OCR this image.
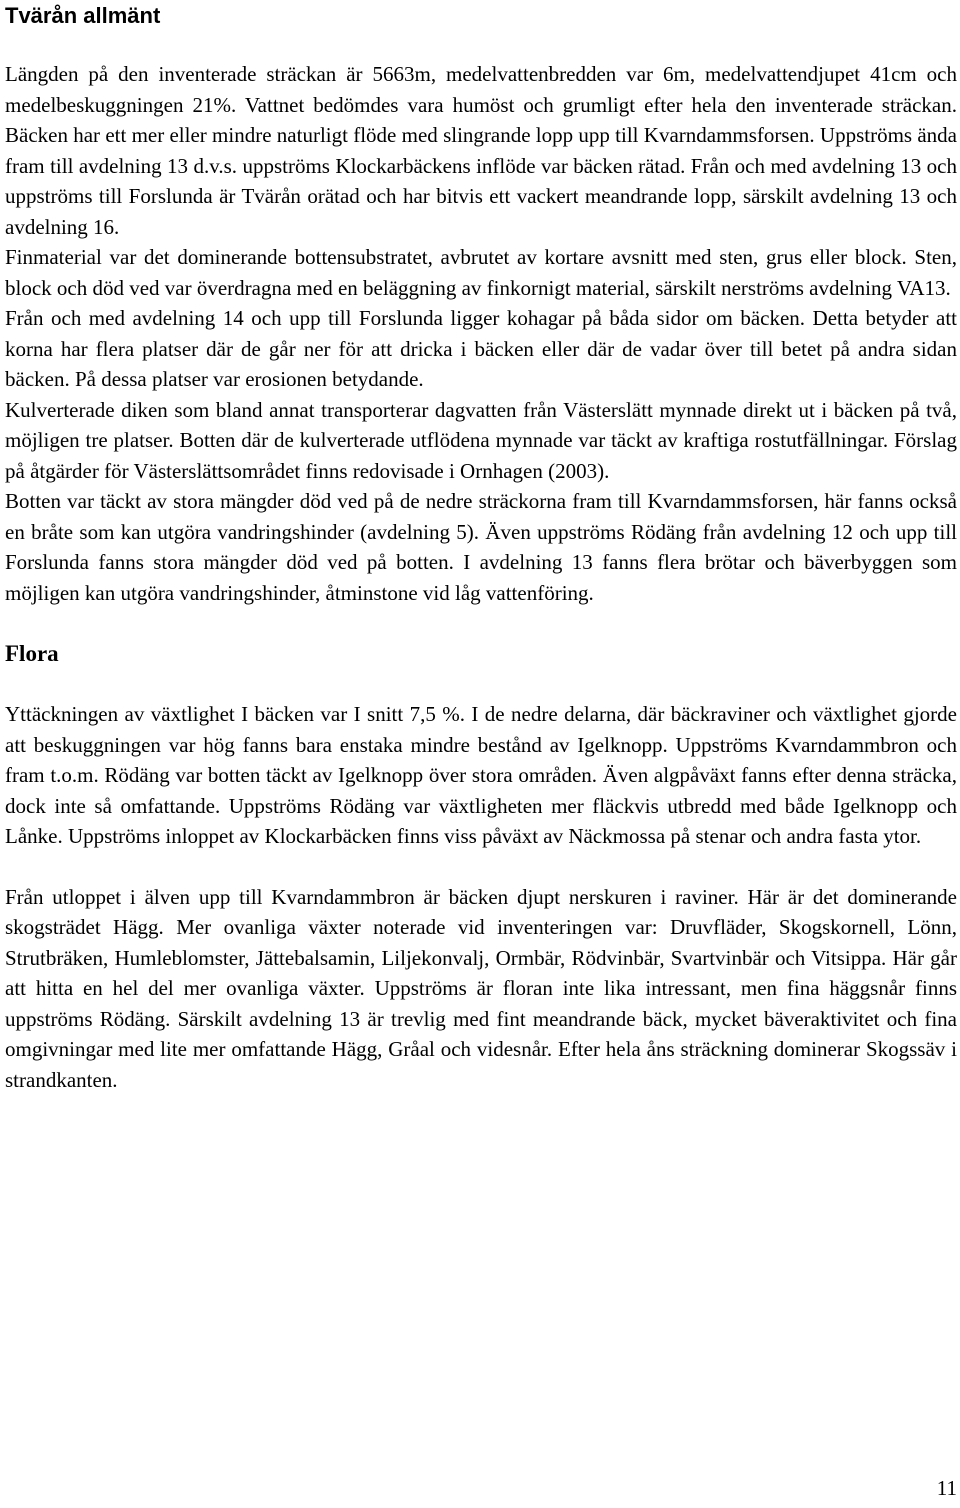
Tvärån allmänt

Längden på den inventerade sträckan är 5663m, medelvattenbredden var 6m, medelvattendjupet 41cm och medelbeskuggningen 21%. Vattnet bedömdes vara humöst och grumligt efter hela den inventerade sträckan. Bäcken har ett mer eller mindre naturligt flöde med slingrande lopp upp till Kvarndammsforsen. Uppströms ända fram till avdelning 13 d.v.s. uppströms Klockarbäckens inflöde var bäcken rätad. Från och med avdelning 13 och uppströms till Forslunda är Tvärån orätad och har bitvis ett vackert meandrande lopp, särskilt avdelning 13 och avdelning 16.

Finmaterial var det dominerande bottensubstratet, avbrutet av kortare avsnitt med sten, grus eller block. Sten, block och död ved var överdragna med en beläggning av finkornigt material, särskilt nerströms avdelning VA13.

Från och med avdelning 14 och upp till Forslunda ligger kohagar på båda sidor om bäcken. Detta betyder att korna har flera platser där de går ner för att dricka i bäcken eller där de vadar över till betet på andra sidan bäcken. På dessa platser var erosionen betydande.

Kulverterade diken som bland annat transporterar dagvatten från Västerslätt mynnade direkt ut i bäcken på två, möjligen tre platser. Botten där de kulverterade utflödena mynnade var täckt av kraftiga rostutfällningar. Förslag på åtgärder för Västerslättsområdet finns redovisade i Ornhagen (2003).

Botten var täckt av stora mängder död ved på de nedre sträckorna fram till Kvarndammsforsen, här fanns också en bråte som kan utgöra vandringshinder (avdelning 5). Även uppströms Rödäng från avdelning 12 och upp till Forslunda fanns stora mängder död ved på botten. I avdelning 13 fanns flera brötar och bäverbyggen som möjligen kan utgöra vandringshinder, åtminstone vid låg vattenföring.

Flora

Yttäckningen av växtlighet I bäcken var I snitt 7,5 %. I de nedre delarna, där bäckraviner och växtlighet gjorde att beskuggningen var hög fanns bara enstaka mindre bestånd av Igelknopp. Uppströms Kvarndammbron och fram t.o.m. Rödäng var botten täckt av Igelknopp över stora områden. Även algpåväxt fanns efter denna sträcka, dock inte så omfattande. Uppströms Rödäng var växtligheten mer fläckvis utbredd med både Igelknopp och Lånke. Uppströms inloppet av Klockarbäcken finns viss påväxt av Näckmossa på stenar och andra fasta ytor.

Från utloppet i älven upp till Kvarndammbron är bäcken djupt nerskuren i raviner. Här är det dominerande skogsträdet Hägg. Mer ovanliga växter noterade vid inventeringen var: Druvfläder, Skogskornell, Lönn, Strutbräken, Humleblomster, Jättebalsamin, Liljekonvalj, Ormbär, Rödvinbär, Svartvinbär och Vitsippa. Här går att hitta en hel del mer ovanliga växter. Uppströms är floran inte lika intressant, men fina häggsnår finns uppströms Rödäng. Särskilt avdelning 13 är trevlig med fint meandrande bäck, mycket bäveraktivitet och fina omgivningar med lite mer omfattande Hägg, Gråal och videsnår. Efter hela åns sträckning dominerar Skogssäv i strandkanten.

11
